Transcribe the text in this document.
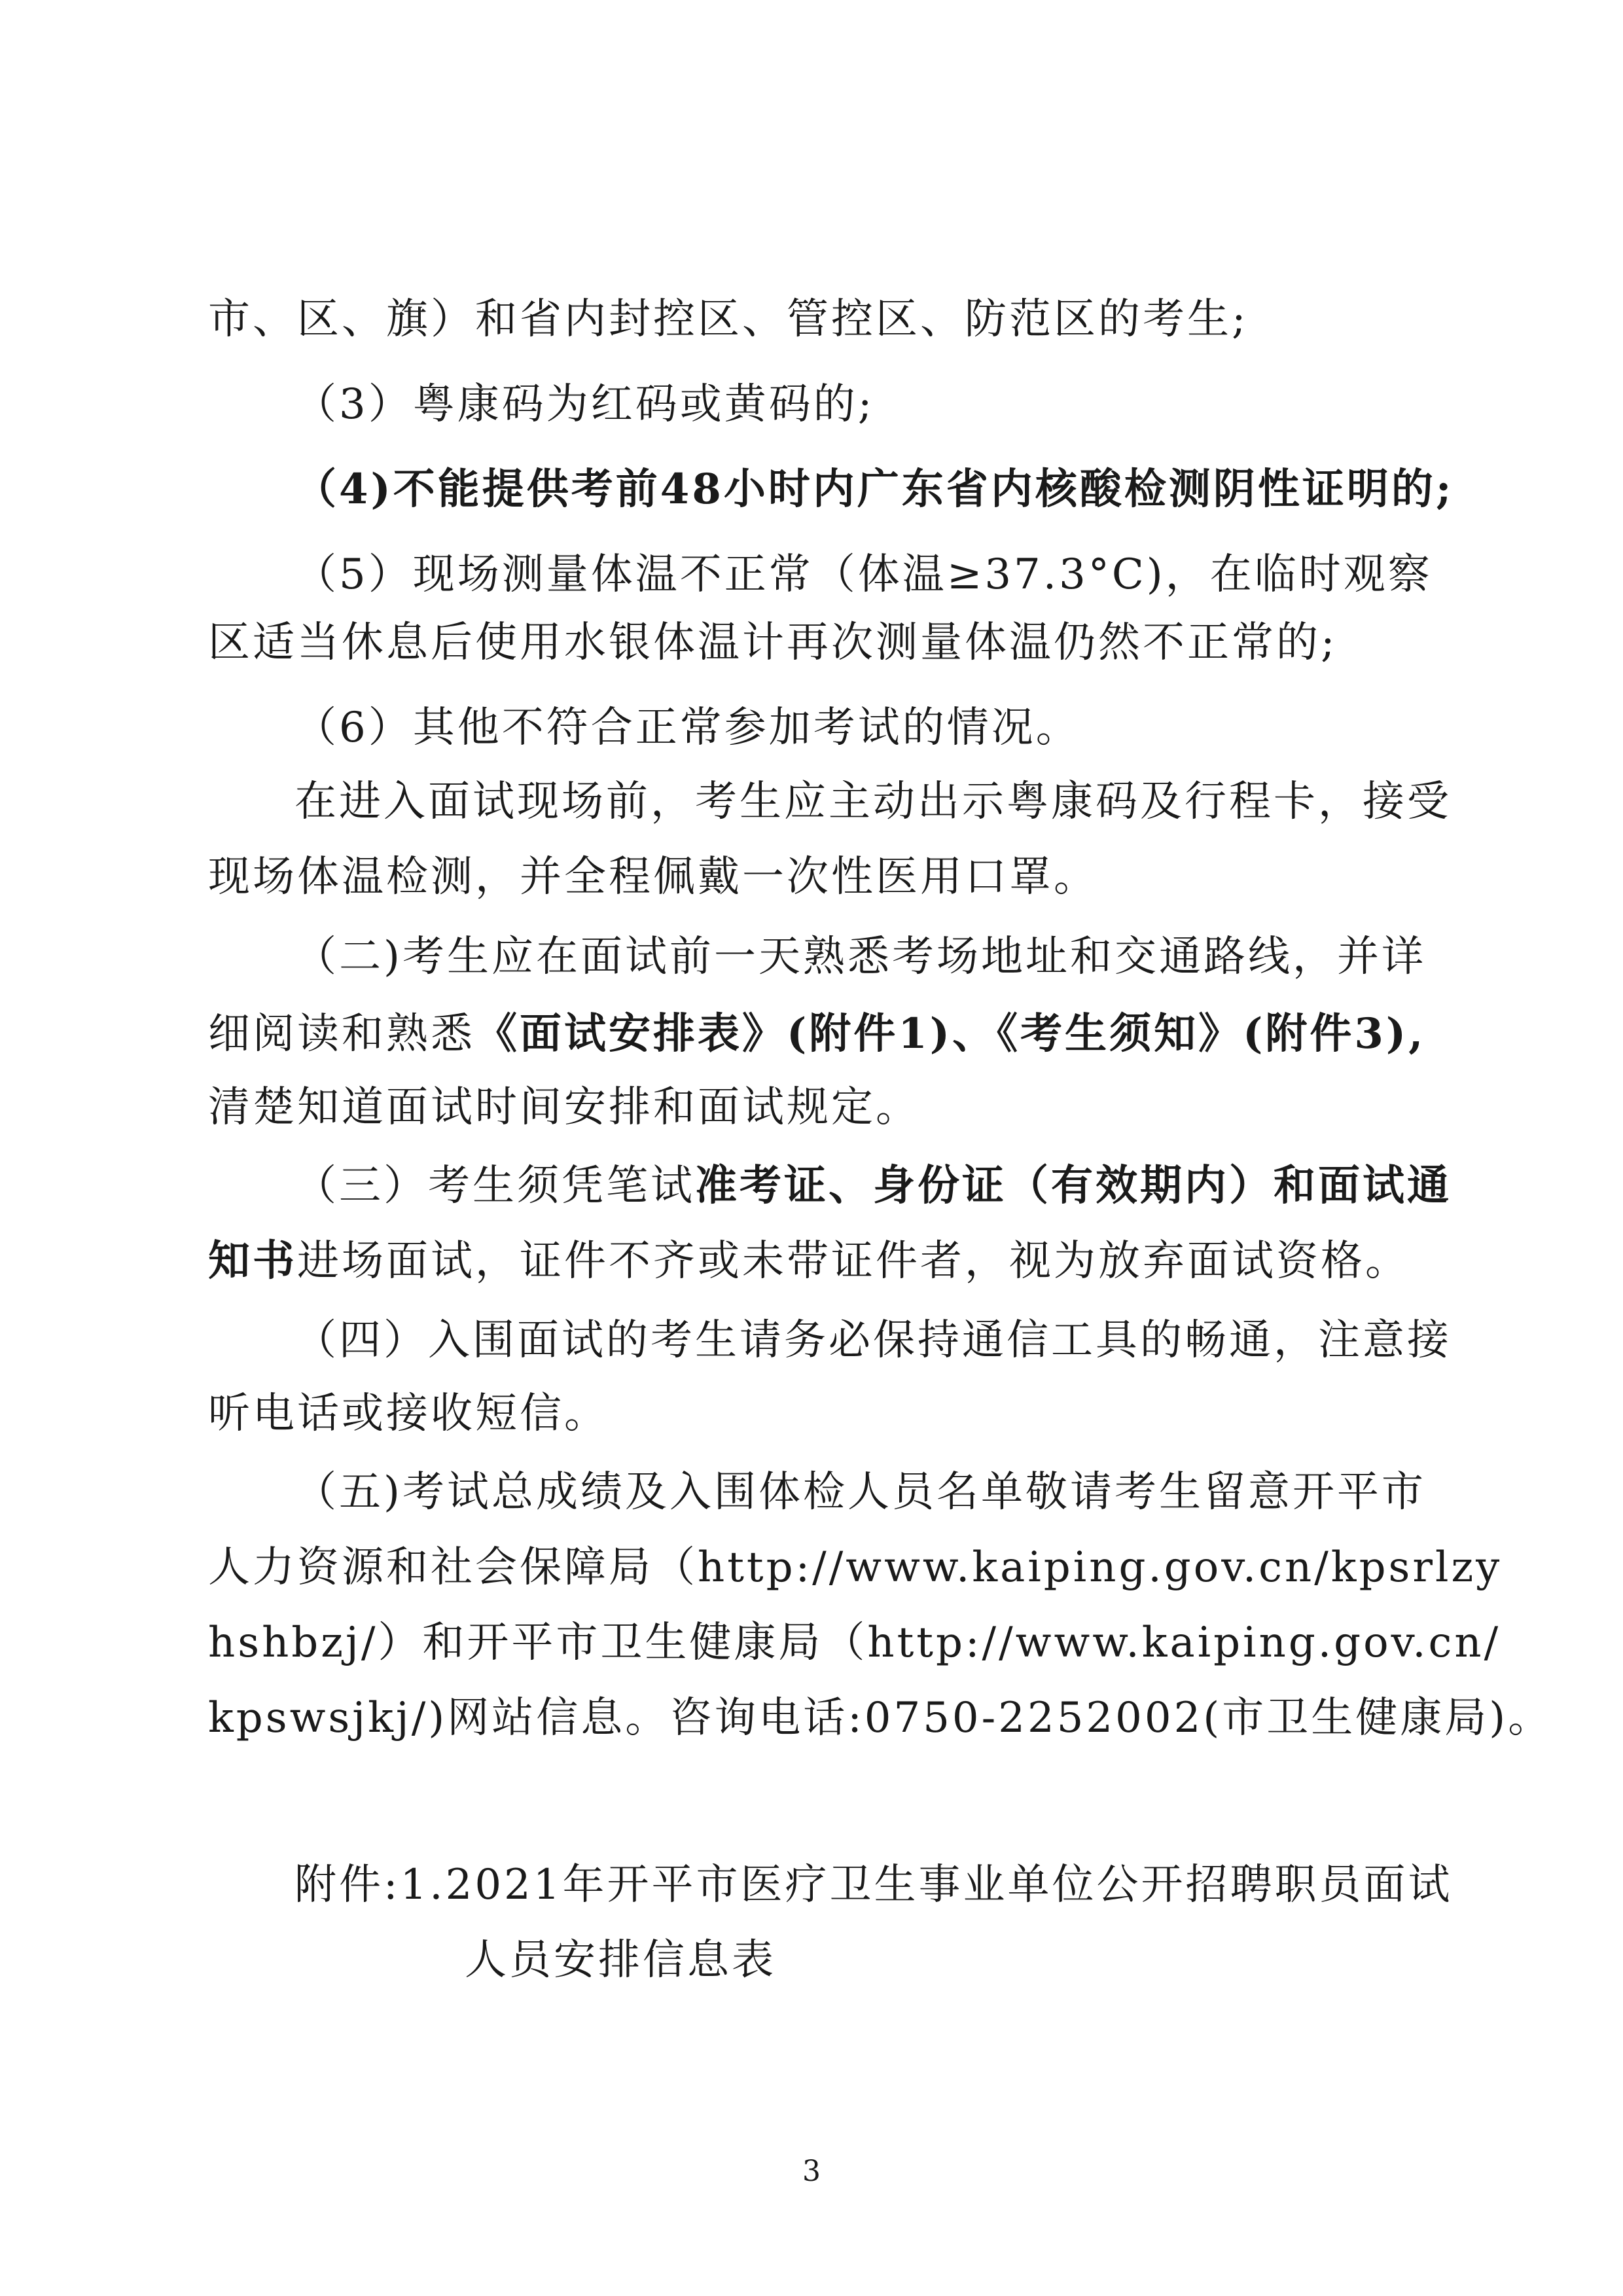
市、区、旗）和省内封控区、管控区、防范区的考生;
（3）粤康码为红码或黄码的;
（4)不能提供考前48小时内广东省内核酸检测阴性证明的;
（5）现场测量体温不正常（体温≥37.3°C)，在临时观察
区适当休息后使用水银体温计再次测量体温仍然不正常的;
（6）其他不符合正常参加考试的情况。
在进入面试现场前，考生应主动出示粤康码及行程卡，接受
现场体温检测，并全程佩戴一次性医用口罩。
（二)考生应在面试前一天熟悉考场地址和交通路线，并详
细阅读和熟悉《面试安排表》(附件1)、《考生须知》(附件3),
清楚知道面试时间安排和面试规定。
（三）考生须凭笔试准考证、身份证（有效期内）和面试通
知书进场面试，证件不齐或未带证件者，视为放弃面试资格。
（四）入围面试的考生请务必保持通信工具的畅通，注意接
听电话或接收短信。
（五)考试总成绩及入围体检人员名单敬请考生留意开平市
人力资源和社会保障局（http://www.kaiping.gov.cn/kpsrlzy
hshbzj/）和开平市卫生健康局（http://www.kaiping.gov.cn/
kpswsjkj/)网站信息。咨询电话:0750-2252002(市卫生健康局)。
附件:1.2021年开平市医疗卫生事业单位公开招聘职员面试
人员安排信息表
3
